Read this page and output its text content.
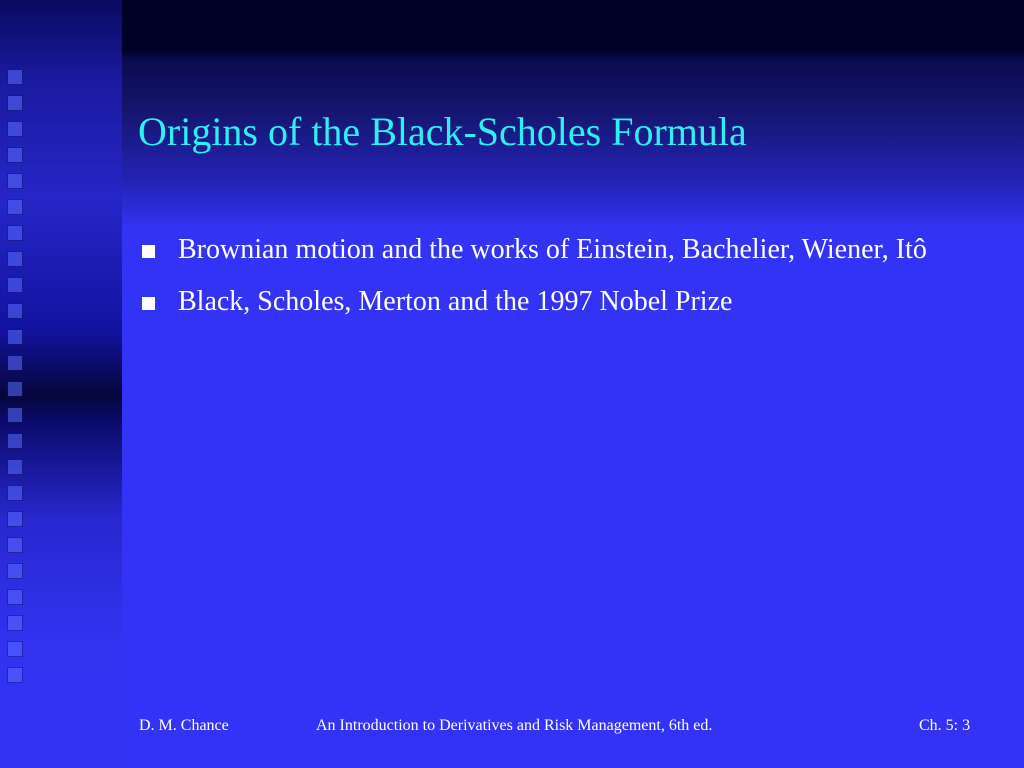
Origins of the Black-Scholes Formula
Brownian motion and the works of Einstein, Bachelier, Wiener, Itô
Black, Scholes, Merton and the 1997 Nobel Prize
D. M. Chance	An Introduction to Derivatives and Risk Management, 6th ed.	Ch. 5: 3
